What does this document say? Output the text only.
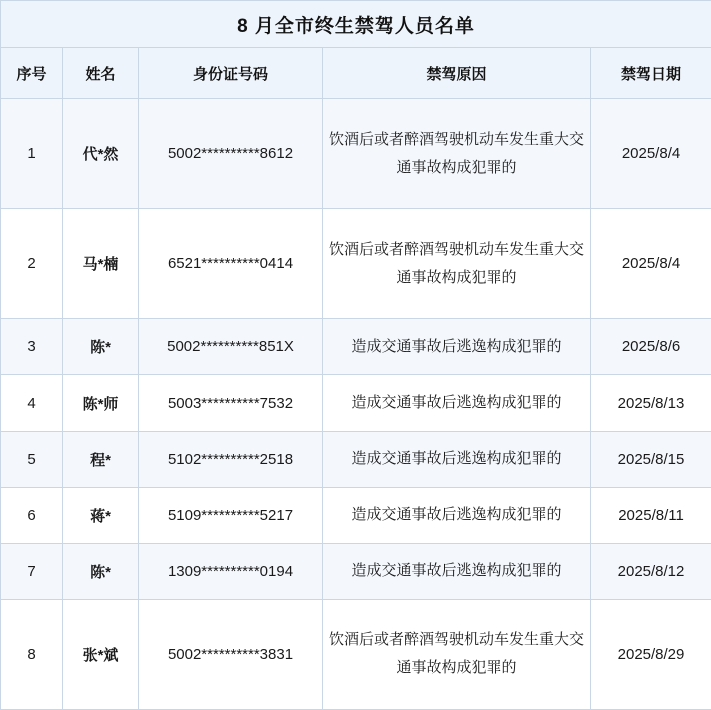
8 月全市终生禁驾人员名单				
序号	姓名	身份证号码	禁驾原因	禁驾日期
1	代*然	5002**********8612	饮酒后或者醉酒驾驶机动车发生重大交通事故构成犯罪的	2025/8/4
2	马*楠	6521**********0414	饮酒后或者醉酒驾驶机动车发生重大交通事故构成犯罪的	2025/8/4
3	陈*	5002**********851X	造成交通事故后逃逸构成犯罪的	2025/8/6
4	陈*师	5003**********7532	造成交通事故后逃逸构成犯罪的	2025/8/13
5	程*	5102**********2518	造成交通事故后逃逸构成犯罪的	2025/8/15
6	蒋*	5109**********5217	造成交通事故后逃逸构成犯罪的	2025/8/11
7	陈*	1309**********0194	造成交通事故后逃逸构成犯罪的	2025/8/12
8	张*斌	5002**********3831	饮酒后或者醉酒驾驶机动车发生重大交通事故构成犯罪的	2025/8/29
